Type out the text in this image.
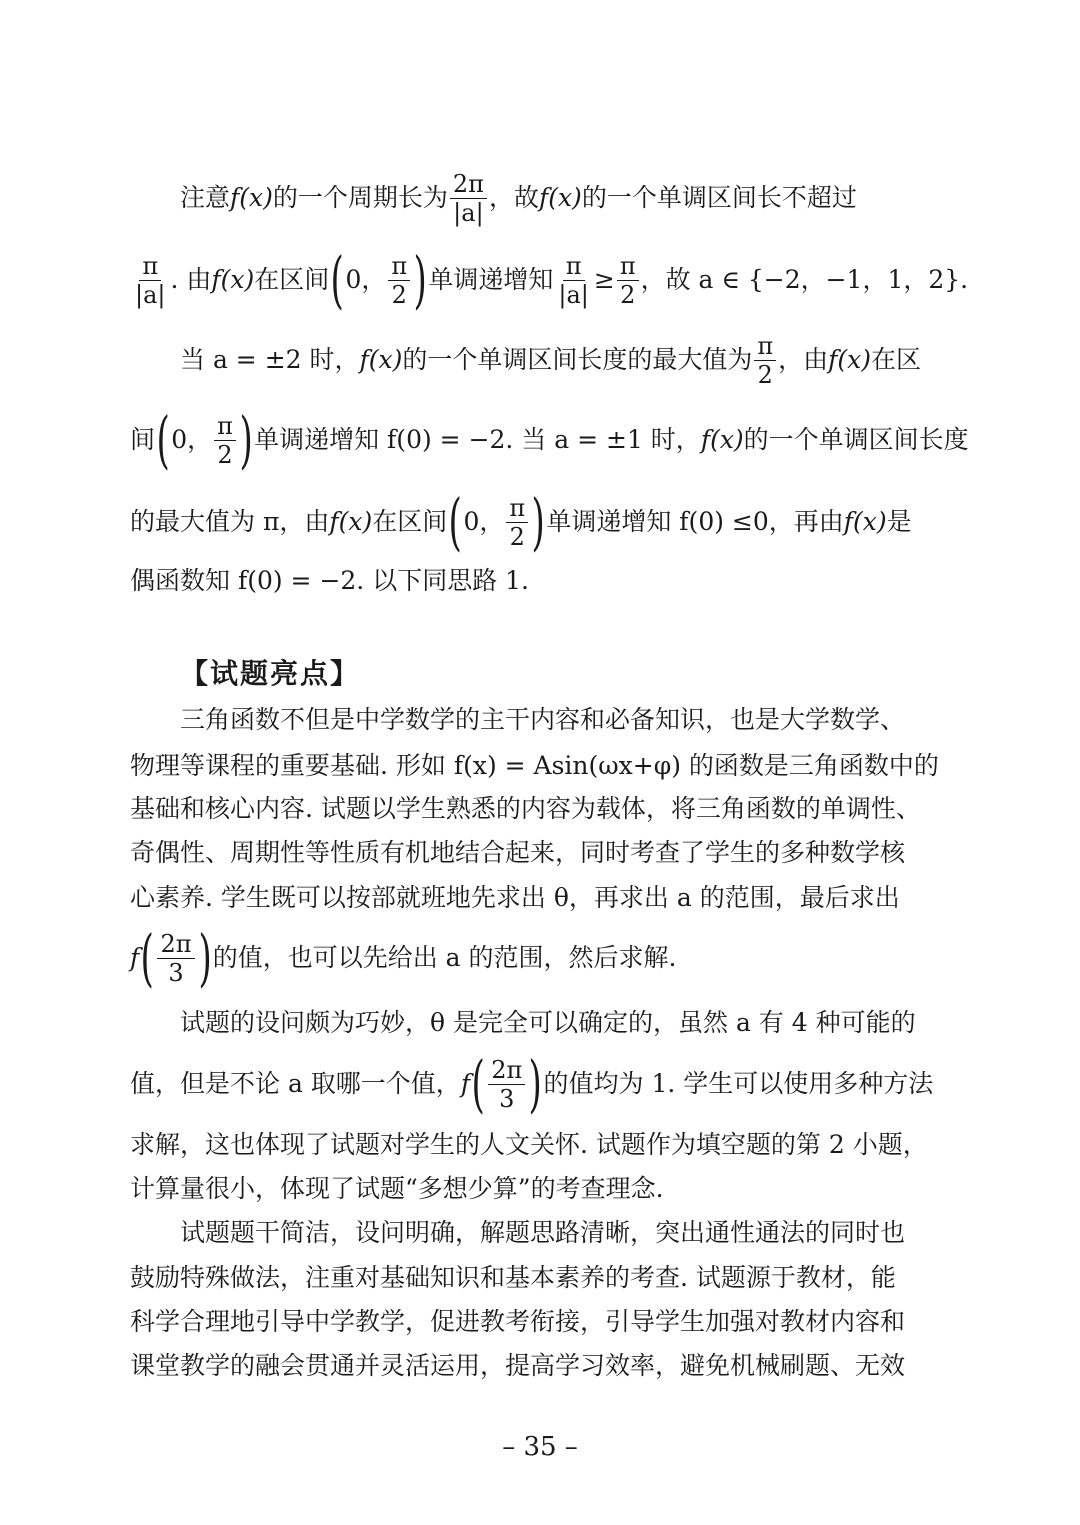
注意 f(x) 的一个周期长为 $\frac{2\pi}{|a|}$ ，故 f(x) 的一个单调区间长不超过
$\frac{\pi}{|a|}$ . 由 f(x) 在区间 ( 0， $\frac{\pi}{2}$ ) 单调递增知 $\frac{\pi}{|a|} \ge \frac{\pi}{2}$ ，故 a ∈ {−2，−1，1，2}.
当 a = ±2 时， f(x) 的一个单调区间长度的最大值为 $\frac{\pi}{2}$ ，由 f(x) 在区
间 ( 0， $\frac{\pi}{2}$ ) 单调递增知 f(0) = −2. 当 a = ±1 时， f(x) 的一个单调区间长度
的最大值为 π，由 f(x) 在区间 ( 0， $\frac{\pi}{2}$ ) 单调递增知 f(0) ≤0，再由 f(x) 是
偶函数知 f(0) = −2. 以下同思路 1.
【试题亮点】
三角函数不但是中学数学的主干内容和必备知识，也是大学数学、
物理等课程的重要基础. 形如 f(x) = Asin(ωx+φ) 的函数是三角函数中的
基础和核心内容. 试题以学生熟悉的内容为载体，将三角函数的单调性、
奇偶性、周期性等性质有机地结合起来，同时考查了学生的多种数学核
心素养. 学生既可以按部就班地先求出 θ，再求出 a 的范围，最后求出
f ( $\frac{2\pi}{3}$ ) 的值，也可以先给出 a 的范围，然后求解.
试题的设问颇为巧妙，θ 是完全可以确定的，虽然 a 有 4 种可能的
值，但是不论 a 取哪一个值， f ( $\frac{2\pi}{3}$ ) 的值均为 1. 学生可以使用多种方法
求解，这也体现了试题对学生的人文关怀. 试题作为填空题的第 2 小题，
计算量很小，体现了试题“多想少算”的考查理念.
试题题干简洁，设问明确，解题思路清晰，突出通性通法的同时也
鼓励特殊做法，注重对基础知识和基本素养的考查. 试题源于教材，能
科学合理地引导中学教学，促进教考衔接，引导学生加强对教材内容和
课堂教学的融会贯通并灵活运用，提高学习效率，避免机械刷题、无效
– 35 –
